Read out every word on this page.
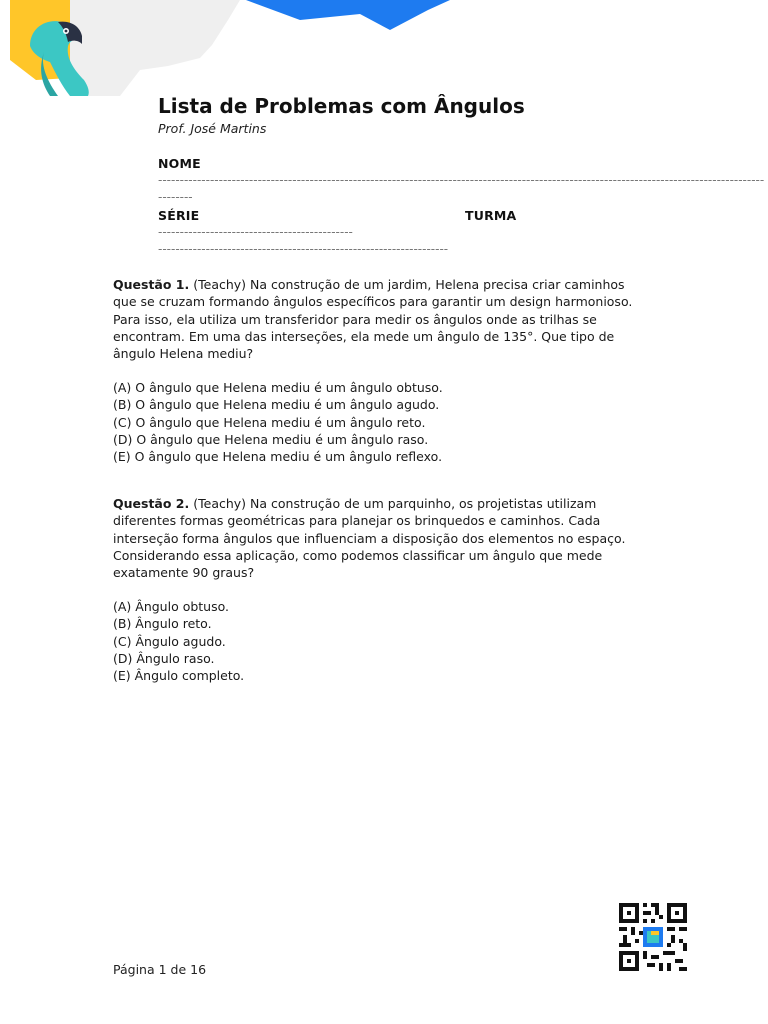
Lista de Problemas com Ângulos
Prof. José Martins
NOME
--------------------------------------------------------------------------------------------------------------------------------------------
--------
SÉRIE	TURMA
---------------------------------------------
-------------------------------------------------------------------
Questão 1. (Teachy) Na construção de um jardim, Helena precisa criar caminhos que se cruzam formando ângulos específicos para garantir um design harmonioso. Para isso, ela utiliza um transferidor para medir os ângulos onde as trilhas se encontram. Em uma das interseções, ela mede um ângulo de 135°. Que tipo de ângulo Helena mediu?
(A) O ângulo que Helena mediu é um ângulo obtuso.
(B) O ângulo que Helena mediu é um ângulo agudo.
(C) O ângulo que Helena mediu é um ângulo reto.
(D) O ângulo que Helena mediu é um ângulo raso.
(E) O ângulo que Helena mediu é um ângulo reflexo.
Questão 2. (Teachy) Na construção de um parquinho, os projetistas utilizam diferentes formas geométricas para planejar os brinquedos e caminhos. Cada interseção forma ângulos que influenciam a disposição dos elementos no espaço. Considerando essa aplicação, como podemos classificar um ângulo que mede exatamente 90 graus?
(A) Ângulo obtuso.
(B) Ângulo reto.
(C) Ângulo agudo.
(D) Ângulo raso.
(E) Ângulo completo.
Página 1 de 16
